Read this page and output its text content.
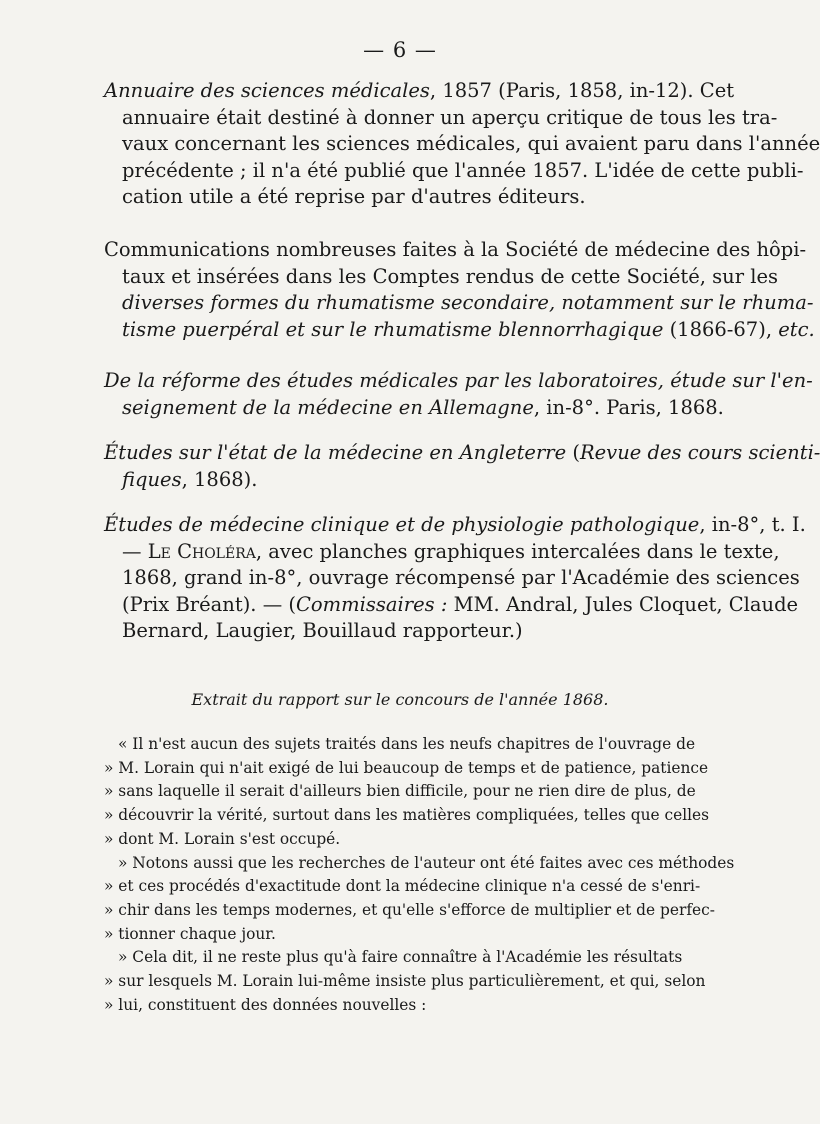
— 6 —
Annuaire des sciences médicales, 1857 (Paris, 1858, in-12). Cet
annuaire était destiné à donner un aperçu critique de tous les tra-
vaux concernant les sciences médicales, qui avaient paru dans l'année
précédente ; il n'a été publié que l'année 1857. L'idée de cette publi-
cation utile a été reprise par d'autres éditeurs.
Communications nombreuses faites à la Société de médecine des hôpi-
taux et insérées dans les Comptes rendus de cette Société, sur les
diverses formes du rhumatisme secondaire, notamment sur le rhuma-
tisme puerpéral et sur le rhumatisme blennorrhagique (1866-67), etc.
De la réforme des études médicales par les laboratoires, étude sur l'en-
seignement de la médecine en Allemagne, in-8°. Paris, 1868.
Études sur l'état de la médecine en Angleterre (Revue des cours scienti-
fiques, 1868).
Études de médecine clinique et de physiologie pathologique, in-8°, t. I.
— Le Choléra, avec planches graphiques intercalées dans le texte,
1868, grand in-8°, ouvrage récompensé par l'Académie des sciences
(Prix Bréant). — (Commissaires : MM. Andral, Jules Cloquet, Claude
Bernard, Laugier, Bouillaud rapporteur.)
Extrait du rapport sur le concours de l'année 1868.
« Il n'est aucun des sujets traités dans les neufs chapitres de l'ouvrage de
» M. Lorain qui n'ait exigé de lui beaucoup de temps et de patience, patience
» sans laquelle il serait d'ailleurs bien difficile, pour ne rien dire de plus, de
» découvrir la vérité, surtout dans les matières compliquées, telles que celles
» dont M. Lorain s'est occupé.
» Notons aussi que les recherches de l'auteur ont été faites avec ces méthodes
» et ces procédés d'exactitude dont la médecine clinique n'a cessé de s'enri-
» chir dans les temps modernes, et qu'elle s'efforce de multiplier et de perfec-
» tionner chaque jour.
» Cela dit, il ne reste plus qu'à faire connaître à l'Académie les résultats
» sur lesquels M. Lorain lui-même insiste plus particulièrement, et qui, selon
» lui, constituent des données nouvelles :
